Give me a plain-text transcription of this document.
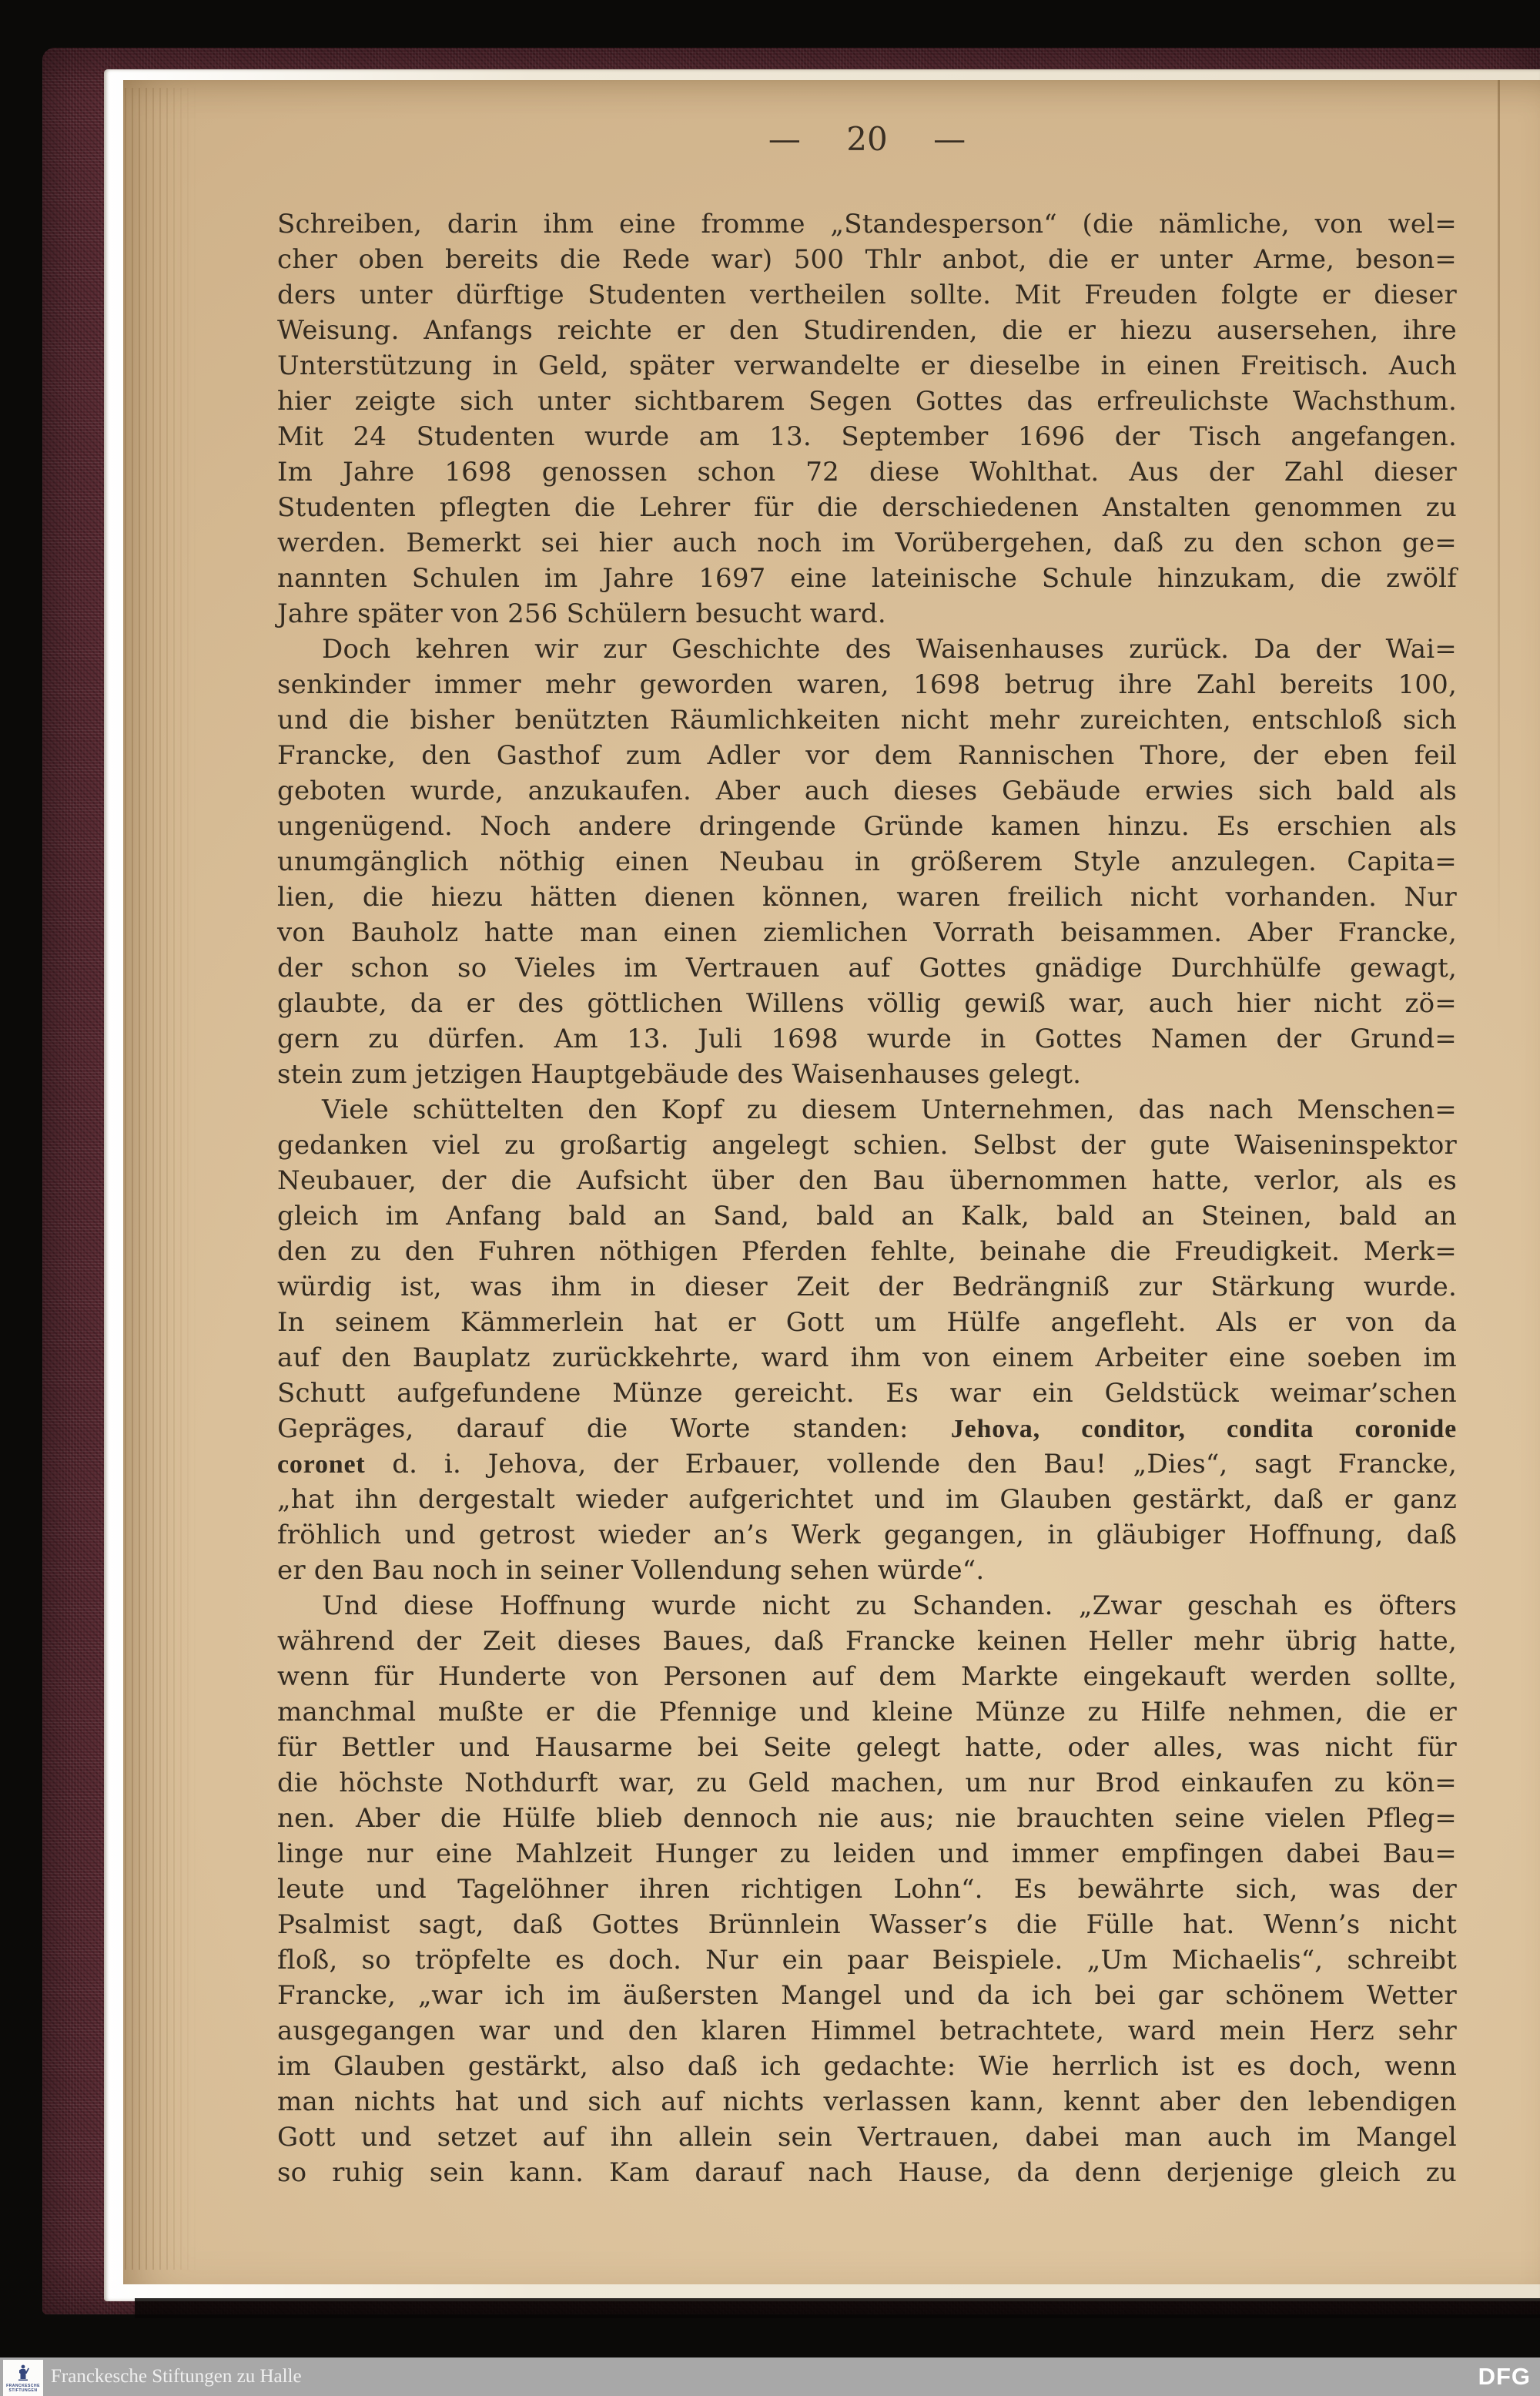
— 20 —
Schreiben, darin ihm eine fromme „Standesperson“ (die nämliche, von wel=
cher oben bereits die Rede war) 500 Thlr anbot, die er unter Arme, beson=
ders unter dürftige Studenten vertheilen sollte. Mit Freuden folgte er dieser
Weisung. Anfangs reichte er den Studirenden, die er hiezu ausersehen, ihre
Unterstützung in Geld, später verwandelte er dieselbe in einen Freitisch. Auch
hier zeigte sich unter sichtbarem Segen Gottes das erfreulichste Wachsthum.
Mit 24 Studenten wurde am 13. September 1696 der Tisch angefangen.
Im Jahre 1698 genossen schon 72 diese Wohlthat. Aus der Zahl dieser
Studenten pflegten die Lehrer für die derschiedenen Anstalten genommen zu
werden. Bemerkt sei hier auch noch im Vorübergehen, daß zu den schon ge=
nannten Schulen im Jahre 1697 eine lateinische Schule hinzukam, die zwölf
Jahre später von 256 Schülern besucht ward.
Doch kehren wir zur Geschichte des Waisenhauses zurück. Da der Wai=
senkinder immer mehr geworden waren, 1698 betrug ihre Zahl bereits 100,
und die bisher benützten Räumlichkeiten nicht mehr zureichten, entschloß sich
Francke, den Gasthof zum Adler vor dem Rannischen Thore, der eben feil
geboten wurde, anzukaufen. Aber auch dieses Gebäude erwies sich bald als
ungenügend. Noch andere dringende Gründe kamen hinzu. Es erschien als
unumgänglich nöthig einen Neubau in größerem Style anzulegen. Capita=
lien, die hiezu hätten dienen können, waren freilich nicht vorhanden. Nur
von Bauholz hatte man einen ziemlichen Vorrath beisammen. Aber Francke,
der schon so Vieles im Vertrauen auf Gottes gnädige Durchhülfe gewagt,
glaubte, da er des göttlichen Willens völlig gewiß war, auch hier nicht zö=
gern zu dürfen. Am 13. Juli 1698 wurde in Gottes Namen der Grund=
stein zum jetzigen Hauptgebäude des Waisenhauses gelegt.
Viele schüttelten den Kopf zu diesem Unternehmen, das nach Menschen=
gedanken viel zu großartig angelegt schien. Selbst der gute Waiseninspektor
Neubauer, der die Aufsicht über den Bau übernommen hatte, verlor, als es
gleich im Anfang bald an Sand, bald an Kalk, bald an Steinen, bald an
den zu den Fuhren nöthigen Pferden fehlte, beinahe die Freudigkeit. Merk=
würdig ist, was ihm in dieser Zeit der Bedrängniß zur Stärkung wurde.
In seinem Kämmerlein hat er Gott um Hülfe angefleht. Als er von da
auf den Bauplatz zurückkehrte, ward ihm von einem Arbeiter eine soeben im
Schutt aufgefundene Münze gereicht. Es war ein Geldstück weimar’schen
Gepräges, darauf die Worte standen: Jehova, conditor, condita coronide
coronet d. i. Jehova, der Erbauer, vollende den Bau! „Dies“, sagt Francke,
„hat ihn dergestalt wieder aufgerichtet und im Glauben gestärkt, daß er ganz
fröhlich und getrost wieder an’s Werk gegangen, in gläubiger Hoffnung, daß
er den Bau noch in seiner Vollendung sehen würde“.
Und diese Hoffnung wurde nicht zu Schanden. „Zwar geschah es öfters
während der Zeit dieses Baues, daß Francke keinen Heller mehr übrig hatte,
wenn für Hunderte von Personen auf dem Markte eingekauft werden sollte,
manchmal mußte er die Pfennige und kleine Münze zu Hilfe nehmen, die er
für Bettler und Hausarme bei Seite gelegt hatte, oder alles, was nicht für
die höchste Nothdurft war, zu Geld machen, um nur Brod einkaufen zu kön=
nen. Aber die Hülfe blieb dennoch nie aus; nie brauchten seine vielen Pfleg=
linge nur eine Mahlzeit Hunger zu leiden und immer empfingen dabei Bau=
leute und Tagelöhner ihren richtigen Lohn“. Es bewährte sich, was der
Psalmist sagt, daß Gottes Brünnlein Wasser’s die Fülle hat. Wenn’s nicht
floß, so tröpfelte es doch. Nur ein paar Beispiele. „Um Michaelis“, schreibt
Francke, „war ich im äußersten Mangel und da ich bei gar schönem Wetter
ausgegangen war und den klaren Himmel betrachtete, ward mein Herz sehr
im Glauben gestärkt, also daß ich gedachte: Wie herrlich ist es doch, wenn
man nichts hat und sich auf nichts verlassen kann, kennt aber den lebendigen
Gott und setzet auf ihn allein sein Vertrauen, dabei man auch im Mangel
so ruhig sein kann. Kam darauf nach Hause, da denn derjenige gleich zu
FRANCKESCHE
STIFTUNGEN
Franckesche Stiftungen zu Halle	DFG
